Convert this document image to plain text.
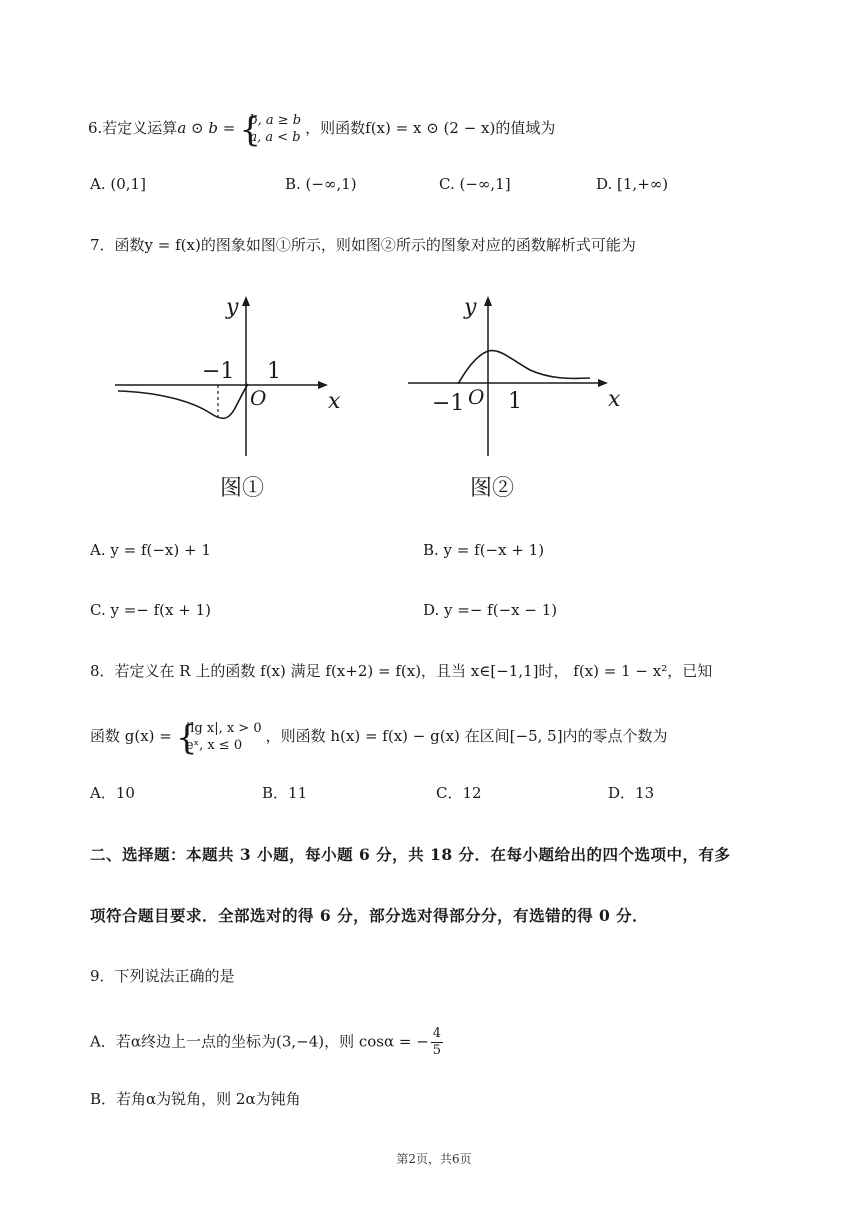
6.若定义运算a ⊙ b = {
b, a ≥ b
a, a < b
，则函数f(x) = x ⊙ (2 − x)的值域为
A. (0,1]	B. (−∞,1)	C. (−∞,1]	D. [1,+∞)
7．函数y = f(x)的图象如图①所示，则如图②所示的图象对应的函数解析式可能为
y
−1 1
O	x
图①
y
−1 O 1	x
图②
A. y = f(−x) + 1	B. y = f(−x + 1)
C. y =− f(x + 1)	D. y =− f(−x − 1)
8．若定义在 R 上的函数 f(x) 满足 f(x+2) = f(x)，且当 x∈[−1,1]时， f(x) = 1 − x²，已知
函数 g(x) = {
|lg x|, x > 0
eˣ, x ≤ 0
，则函数 h(x) = f(x) − g(x) 在区间[−5, 5]内的零点个数为
A．10	B．11	C．12	D．13
二、选择题：本题共 3 小题，每小题 6 分，共 18 分．在每小题给出的四个选项中，有多
项符合题目要求．全部选对的得 6 分，部分选对得部分分，有选错的得 0 分．
9．下列说法正确的是
A．若α终边上一点的坐标为(3,−4)，则 cosα = − $\frac{4}{5}$
B．若角α为锐角，则 2α为钝角
第2页，共6页
